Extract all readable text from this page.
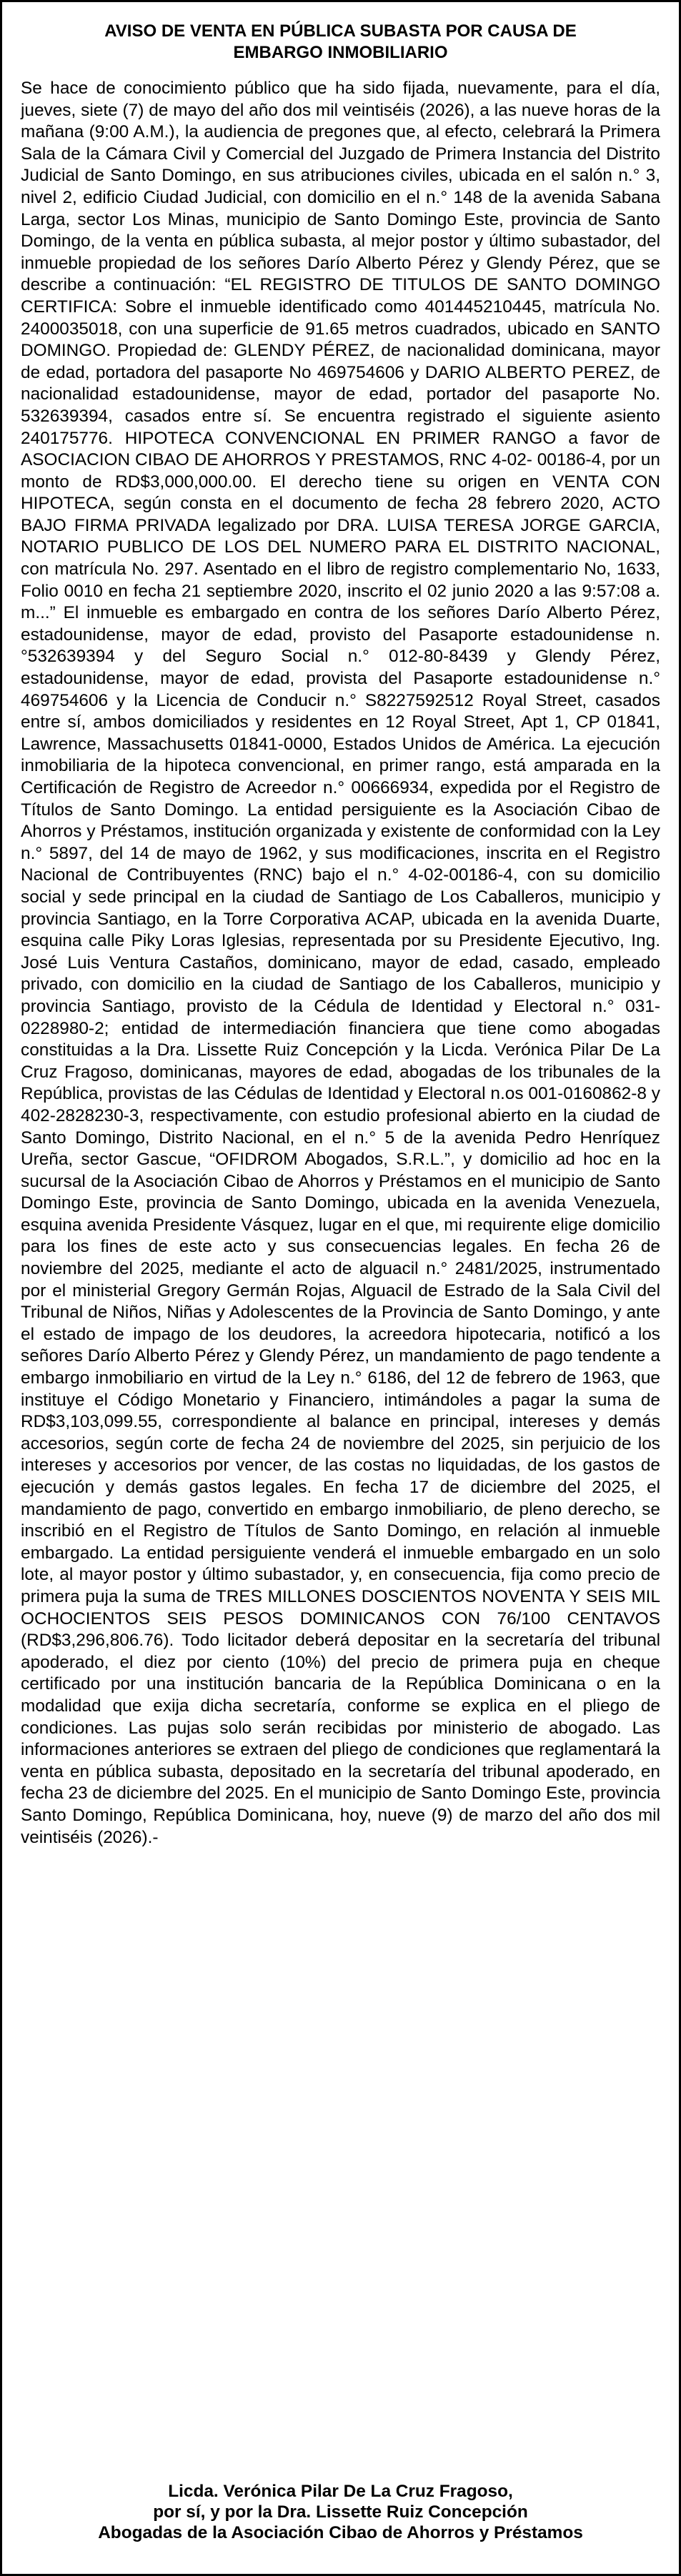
AVISO DE VENTA EN PÚBLICA SUBASTA POR CAUSA DE
EMBARGO INMOBILIARIO

Se hace de conocimiento público que ha sido fijada, nuevamente, para el día, jueves, siete (7) de mayo del año dos mil veintiséis (2026), a las nueve horas de la mañana (9:00 A.M.), la audiencia de pregones que, al efecto, celebrará la Primera Sala de la Cámara Civil y Comercial del Juzgado de Primera Instancia del Distrito Judicial de Santo Domingo, en sus atribuciones civiles, ubicada en el salón n.° 3, nivel 2, edificio Ciudad Judicial, con domicilio en el n.° 148 de la avenida Sabana Larga, sector Los Minas, municipio de Santo Domingo Este, provincia de Santo Domingo, de la venta en pública subasta, al mejor postor y último subastador, del inmueble propiedad de los señores Darío Alberto Pérez y Glendy Pérez, que se describe a continuación: “EL REGISTRO DE TITULOS DE SANTO DOMINGO CERTIFICA: Sobre el inmueble identificado como 401445210445, matrícula No. 2400035018, con una superficie de 91.65 metros cuadrados, ubicado en SANTO DOMINGO. Propiedad de: GLENDY PÉREZ, de nacionalidad dominicana, mayor de edad, portadora del pasaporte No 469754606 y DARIO ALBERTO PEREZ, de nacionalidad estadounidense, mayor de edad, portador del pasaporte No. 532639394, casados entre sí. Se encuentra registrado el siguiente asiento 240175776. HIPOTECA CONVENCIONAL EN PRIMER RANGO a favor de ASOCIACION CIBAO DE AHORROS Y PRESTAMOS, RNC 4-02- 00186-4, por un monto de RD$3,000,000.00. El derecho tiene su origen en VENTA CON HIPOTECA, según consta en el documento de fecha 28 febrero 2020, ACTO BAJO FIRMA PRIVADA legalizado por DRA. LUISA TERESA JORGE GARCIA, NOTARIO PUBLICO DE LOS DEL NUMERO PARA EL DISTRITO NACIONAL, con matrícula No. 297. Asentado en el libro de registro complementario No, 1633, Folio 0010 en fecha 21 septiembre 2020, inscrito el 02 junio 2020 a las 9:57:08 a. m...” El inmueble es embargado en contra de los señores Darío Alberto Pérez, estadounidense, mayor de edad, provisto del Pasaporte estadounidense n.°532639394 y del Seguro Social n.° 012-80-8439 y Glendy Pérez, estadounidense, mayor de edad, provista del Pasaporte estadounidense n.° 469754606 y la Licencia de Conducir n.° S8227592512 Royal Street, casados entre sí, ambos domiciliados y residentes en 12 Royal Street, Apt 1, CP 01841, Lawrence, Massachusetts 01841-0000, Estados Unidos de América. La ejecución inmobiliaria de la hipoteca convencional, en primer rango, está amparada en la Certificación de Registro de Acreedor n.° 00666934, expedida por el Registro de Títulos de Santo Domingo. La entidad persiguiente es la Asociación Cibao de Ahorros y Préstamos, institución organizada y existente de conformidad con la Ley n.° 5897, del 14 de mayo de 1962, y sus modificaciones, inscrita en el Registro Nacional de Contribuyentes (RNC) bajo el n.° 4-02-00186-4, con su domicilio social y sede principal en la ciudad de Santiago de Los Caballeros, municipio y provincia Santiago, en la Torre Corporativa ACAP, ubicada en la avenida Duarte, esquina calle Piky Loras Iglesias, representada por su Presidente Ejecutivo, Ing. José Luis Ventura Castaños, dominicano, mayor de edad, casado, empleado privado, con domicilio en la ciudad de Santiago de los Caballeros, municipio y provincia Santiago, provisto de la Cédula de Identidad y Electoral n.° 031-0228980-2; entidad de intermediación financiera que tiene como abogadas constituidas a la Dra. Lissette Ruiz Concepción y la Licda. Verónica Pilar De La Cruz Fragoso, dominicanas, mayores de edad, abogadas de los tribunales de la República, provistas de las Cédulas de Identidad y Electoral n.os 001-0160862-8 y 402-2828230-3, respectivamente, con estudio profesional abierto en la ciudad de Santo Domingo, Distrito Nacional, en el n.° 5 de la avenida Pedro Henríquez Ureña, sector Gascue, “OFIDROM Abogados, S.R.L.”, y domicilio ad hoc en la sucursal de la Asociación Cibao de Ahorros y Préstamos en el municipio de Santo Domingo Este, provincia de Santo Domingo, ubicada en la avenida Venezuela, esquina avenida Presidente Vásquez, lugar en el que, mi requirente elige domicilio para los fines de este acto y sus consecuencias legales. En fecha 26 de noviembre del 2025, mediante el acto de alguacil n.° 2481/2025, instrumentado por el ministerial Gregory Germán Rojas, Alguacil de Estrado de la Sala Civil del Tribunal de Niños, Niñas y Adolescentes de la Provincia de Santo Domingo, y ante el estado de impago de los deudores, la acreedora hipotecaria, notificó a los señores Darío Alberto Pérez y Glendy Pérez, un mandamiento de pago tendente a embargo inmobiliario en virtud de la Ley n.° 6186, del 12 de febrero de 1963, que instituye el Código Monetario y Financiero, intimándoles a pagar la suma de RD$3,103,099.55, correspondiente al balance en principal, intereses y demás accesorios, según corte de fecha 24 de noviembre del 2025, sin perjuicio de los intereses y accesorios por vencer, de las costas no liquidadas, de los gastos de ejecución y demás gastos legales. En fecha 17 de diciembre del 2025, el mandamiento de pago, convertido en embargo inmobiliario, de pleno derecho, se inscribió en el Registro de Títulos de Santo Domingo, en relación al inmueble embargado. La entidad persiguiente venderá el inmueble embargado en un solo lote, al mayor postor y último subastador, y, en consecuencia, fija como precio de primera puja la suma de TRES MILLONES DOSCIENTOS NOVENTA Y SEIS MIL OCHOCIENTOS SEIS PESOS DOMINICANOS CON 76/100 CENTAVOS (RD$3,296,806.76). Todo licitador deberá depositar en la secretaría del tribunal apoderado, el diez por ciento (10%) del precio de primera puja en cheque certificado por una institución bancaria de la República Dominicana o en la modalidad que exija dicha secretaría, conforme se explica en el pliego de condiciones. Las pujas solo serán recibidas por ministerio de abogado. Las informaciones anteriores se extraen del pliego de condiciones que reglamentará la venta en pública subasta, depositado en la secretaría del tribunal apoderado, en fecha 23 de diciembre del 2025. En el municipio de Santo Domingo Este, provincia Santo Domingo, República Dominicana, hoy, nueve (9) de marzo del año dos mil veintiséis (2026).-

Licda. Verónica Pilar De La Cruz Fragoso,
por sí, y por la Dra. Lissette Ruiz Concepción
Abogadas de la Asociación Cibao de Ahorros y Préstamos
